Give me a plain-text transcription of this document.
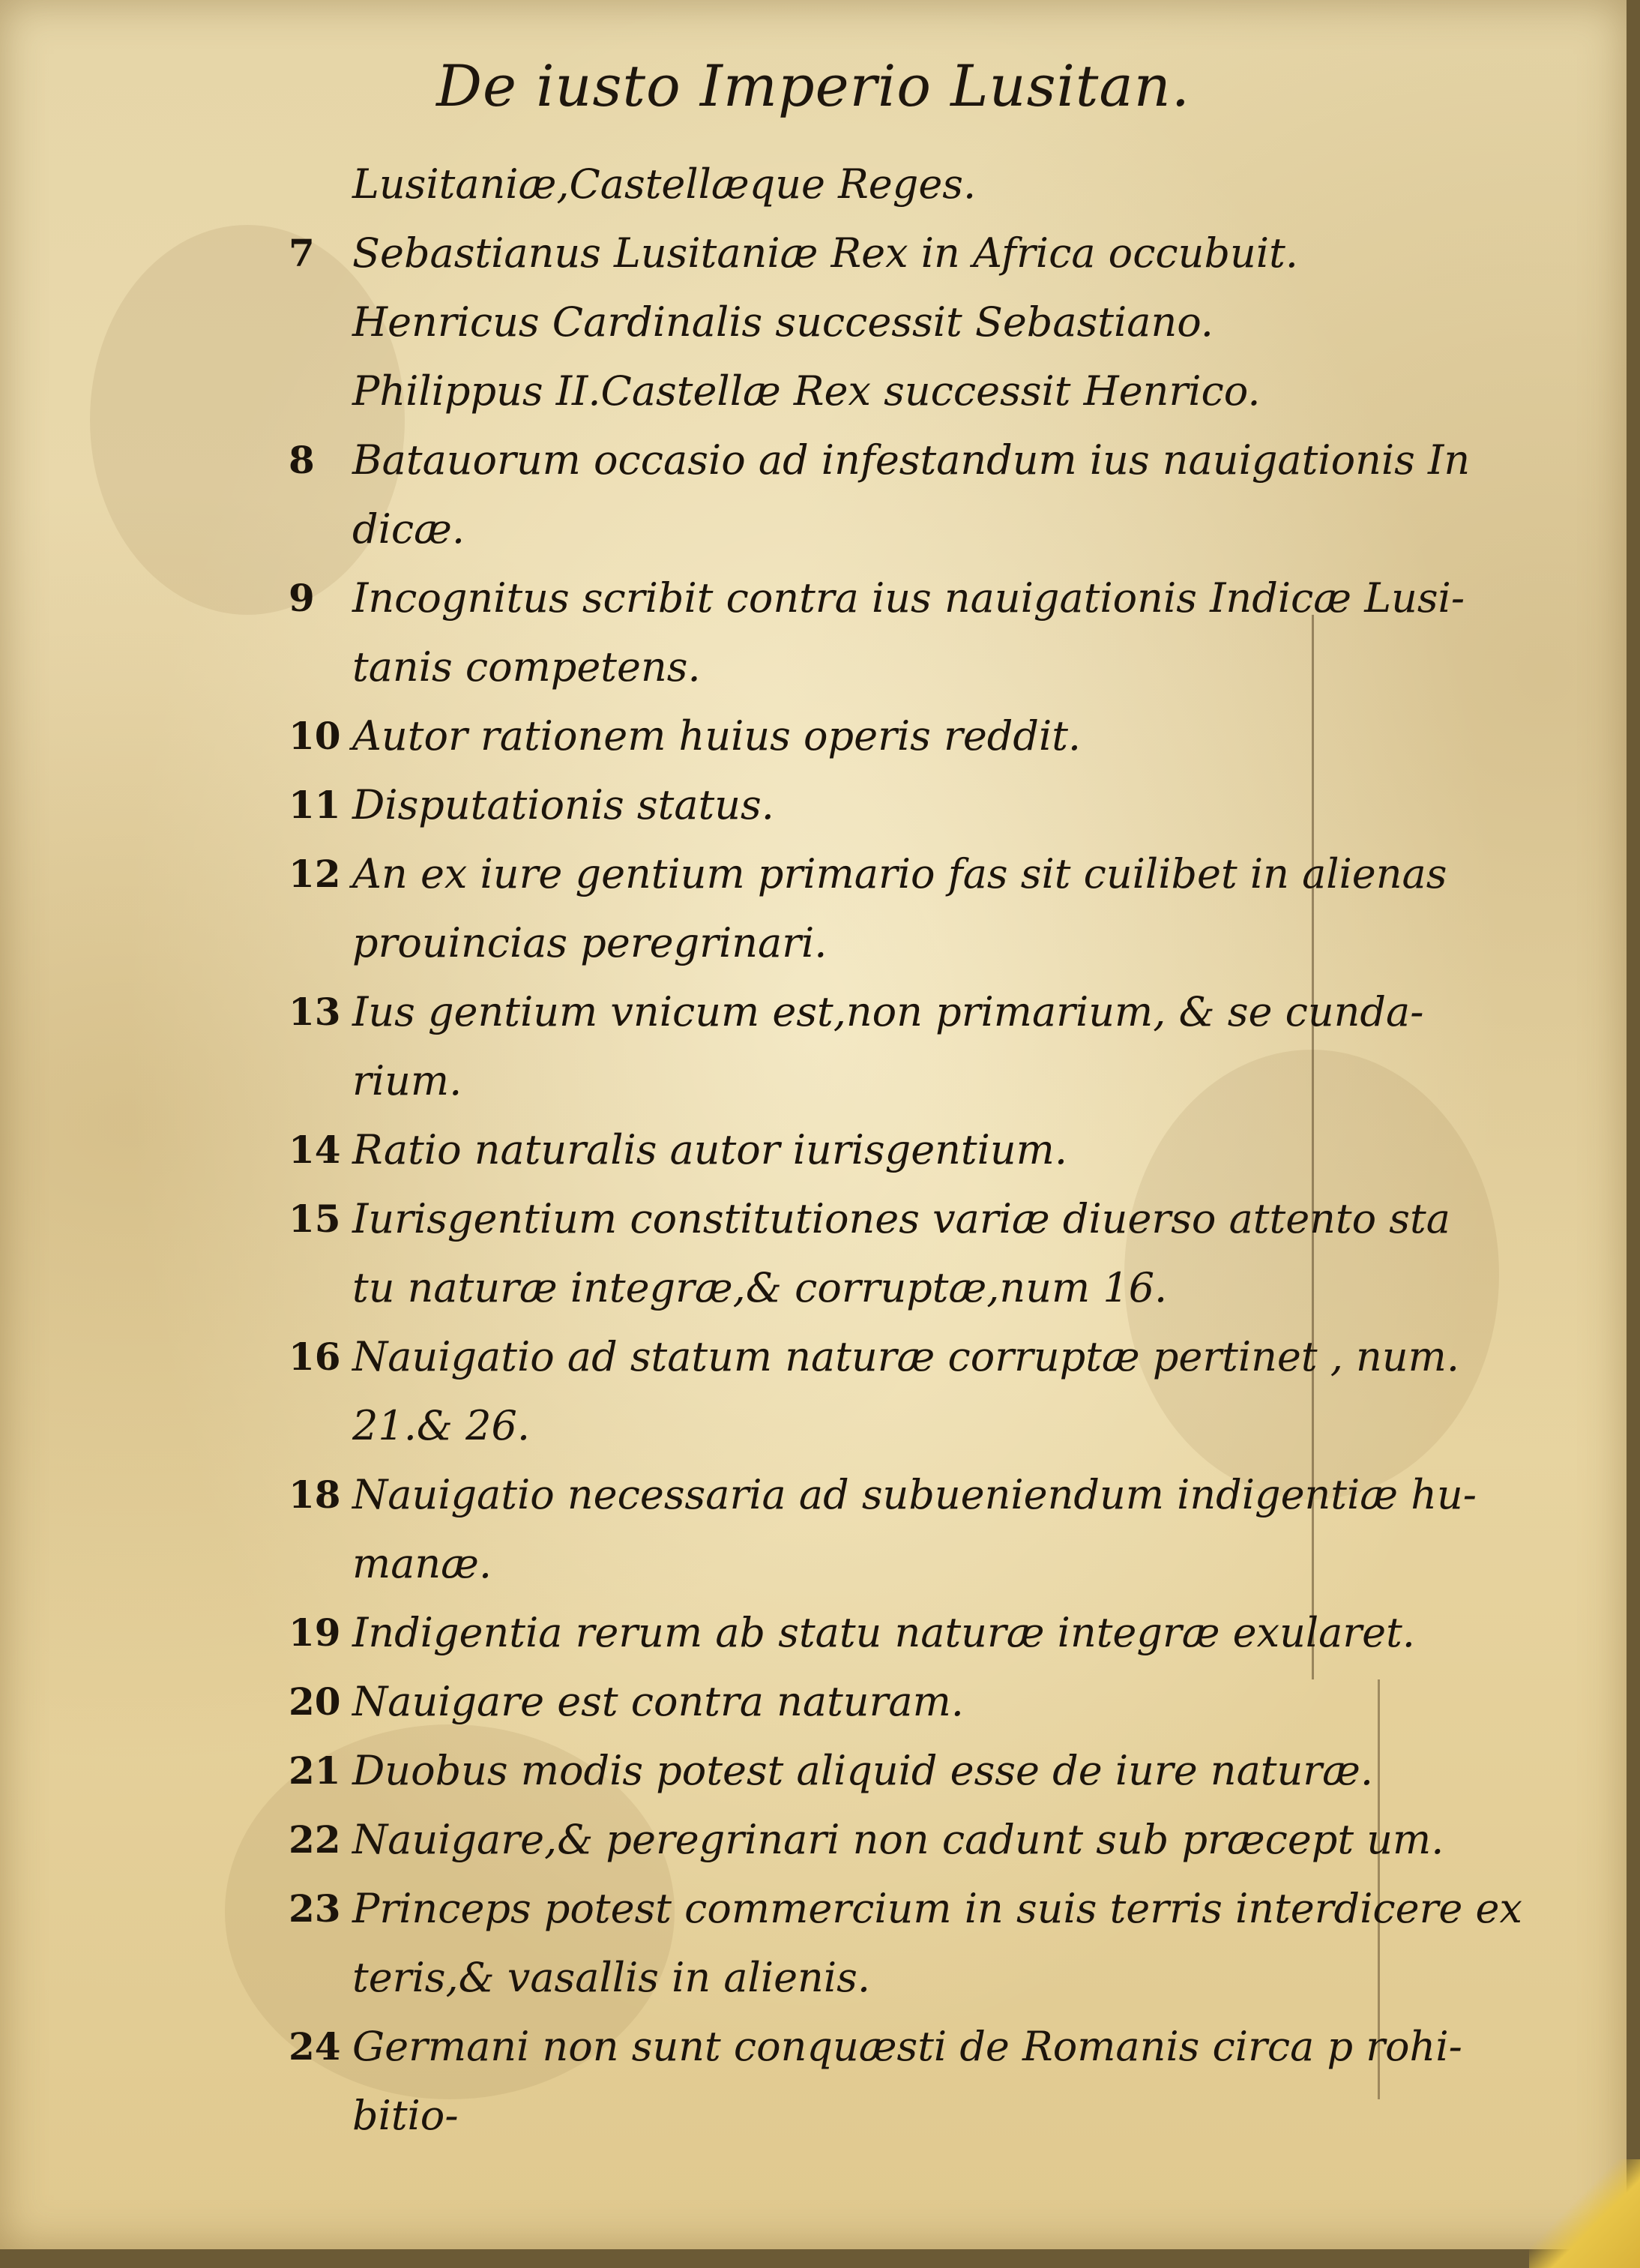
De iusto Imperio Lusitan.
Lusitaniæ,Castellæque Reges.
7 Sebastianus Lusitaniæ Rex in Africa occubuit.
Henricus Cardinalis successit Sebastiano.
Philippus II.Castellæ Rex successit Henrico.
8 Batauorum occasio ad infestandum ius nauigationis In
dicæ.
9 Incognitus scribit contra ius nauigationis Indicæ Lusi-
tanis competens.
10 Autor rationem huius operis reddit.
11 Disputationis status.
12 An ex iure gentium primario fas sit cuilibet in alienas
prouincias peregrinari.
13 Ius gentium vnicum est,non primarium, & se cunda-
rium.
14 Ratio naturalis autor iurisgentium.
15 Iurisgentium constitutiones variæ diuerso attento sta
tu naturæ integræ,& corruptæ,num 16.
16 Nauigatio ad statum naturæ corruptæ pertinet , num.
21.& 26.
18 Nauigatio necessaria ad subueniendum indigentiæ hu-
manæ.
19 Indigentia rerum ab statu naturæ integræ exularet.
20 Nauigare est contra naturam.
21 Duobus modis potest aliquid esse de iure naturæ.
22 Nauigare,& peregrinari non cadunt sub præcept um.
23 Princeps potest commercium in suis terris interdicere ex
teris,& vasallis in alienis.
24 Germani non sunt conquæsti de Romanis circa p rohi-
bitio-
